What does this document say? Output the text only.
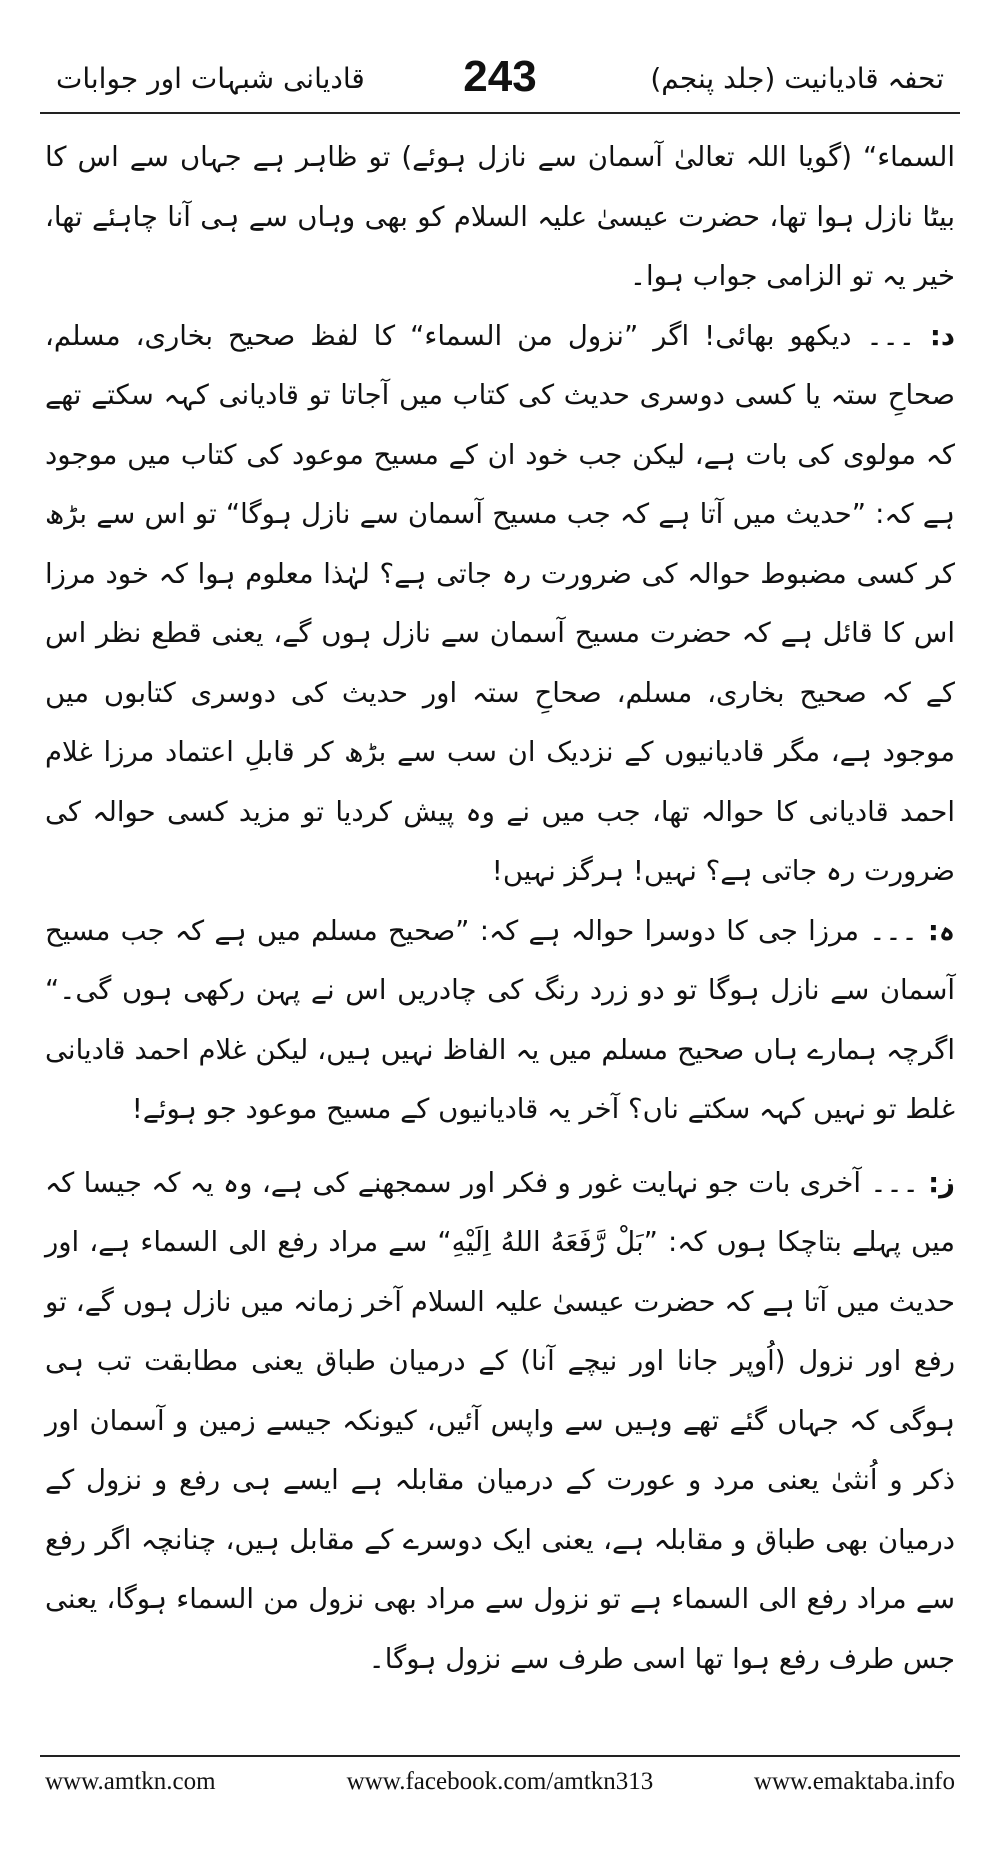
تحفہ قادیانیت (جلد پنجم)
243
قادیانی شبہات اور جوابات

السماء“ (گویا اللہ تعالیٰ آسمان سے نازل ہوئے) تو ظاہر ہے جہاں سے اس کا بیٹا نازل ہوا تھا، حضرت عیسیٰ علیہ السلام کو بھی وہاں سے ہی آنا چاہئے تھا، خیر یہ تو الزامی جواب ہوا۔

د: ۔۔۔ دیکھو بھائی! اگر ”نزول من السماء“ کا لفظ صحیح بخاری، مسلم، صحاحِ ستہ یا کسی دوسری حدیث کی کتاب میں آجاتا تو قادیانی کہہ سکتے تھے کہ مولوی کی بات ہے، لیکن جب خود ان کے مسیح موعود کی کتاب میں موجود ہے کہ: ”حدیث میں آتا ہے کہ جب مسیح آسمان سے نازل ہوگا“ تو اس سے بڑھ کر کسی مضبوط حوالہ کی ضرورت رہ جاتی ہے؟ لہٰذا معلوم ہوا کہ خود مرزا اس کا قائل ہے کہ حضرت مسیح آسمان سے نازل ہوں گے، یعنی قطع نظر اس کے کہ صحیح بخاری، مسلم، صحاحِ ستہ اور حدیث کی دوسری کتابوں میں موجود ہے، مگر قادیانیوں کے نزدیک ان سب سے بڑھ کر قابلِ اعتماد مرزا غلام احمد قادیانی کا حوالہ تھا، جب میں نے وہ پیش کردیا تو مزید کسی حوالہ کی ضرورت رہ جاتی ہے؟ نہیں! ہرگز نہیں!

ہ: ۔۔۔ مرزا جی کا دوسرا حوالہ ہے کہ: ”صحیح مسلم میں ہے کہ جب مسیح آسمان سے نازل ہوگا تو دو زرد رنگ کی چادریں اس نے پہن رکھی ہوں گی۔“ اگرچہ ہمارے ہاں صحیح مسلم میں یہ الفاظ نہیں ہیں، لیکن غلام احمد قادیانی غلط تو نہیں کہہ سکتے ناں؟ آخر یہ قادیانیوں کے مسیح موعود جو ہوئے!

ز: ۔۔۔ آخری بات جو نہایت غور و فکر اور سمجھنے کی ہے، وہ یہ کہ جیسا کہ میں پہلے بتاچکا ہوں کہ: ”بَلْ رَّفَعَهُ اللهُ اِلَيْهِ“ سے مراد رفع الی السماء ہے، اور حدیث میں آتا ہے کہ حضرت عیسیٰ علیہ السلام آخر زمانہ میں نازل ہوں گے، تو رفع اور نزول (اُوپر جانا اور نیچے آنا) کے درمیان طباق یعنی مطابقت تب ہی ہوگی کہ جہاں گئے تھے وہیں سے واپس آئیں، کیونکہ جیسے زمین و آسمان اور ذکر و اُنثیٰ یعنی مرد و عورت کے درمیان مقابلہ ہے ایسے ہی رفع و نزول کے درمیان بھی طباق و مقابلہ ہے، یعنی ایک دوسرے کے مقابل ہیں، چنانچہ اگر رفع سے مراد رفع الی السماء ہے تو نزول سے مراد بھی نزول من السماء ہوگا، یعنی جس طرف رفع ہوا تھا اسی طرف سے نزول ہوگا۔

www.amtkn.com	www.facebook.com/amtkn313	www.emaktaba.info
